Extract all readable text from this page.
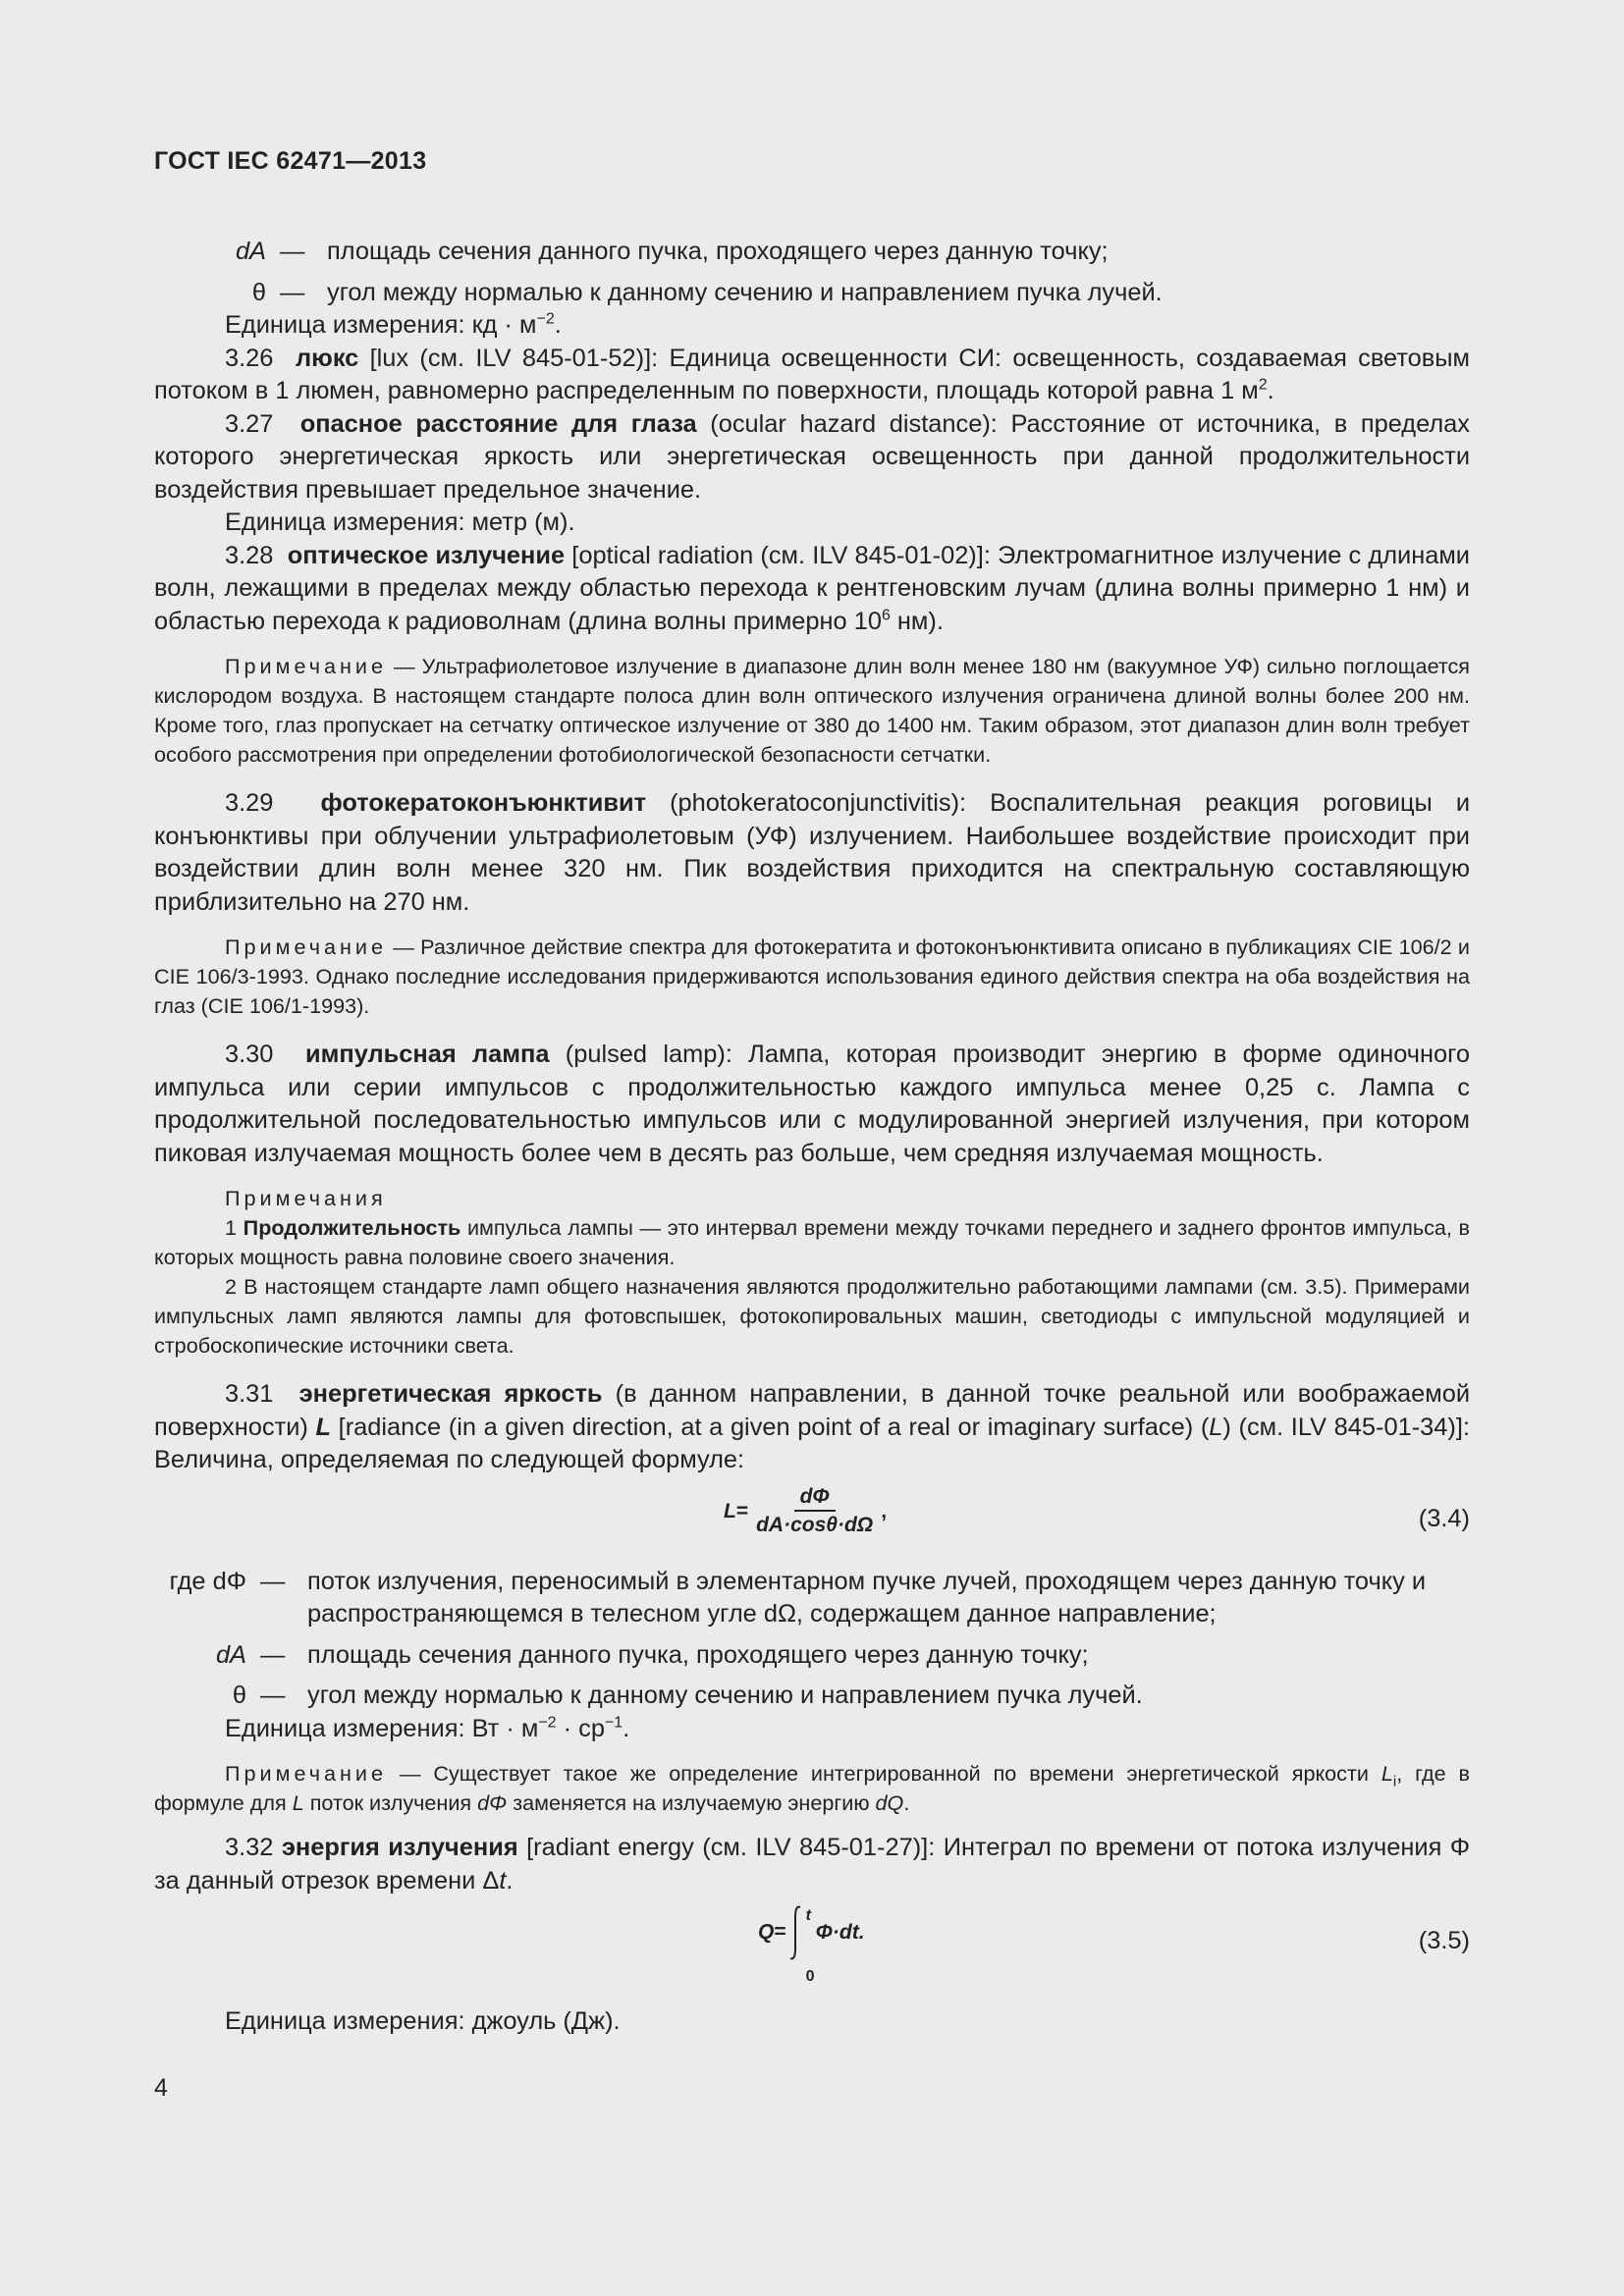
ГОСТ IEC 62471—2013
dA — площадь сечения данного пучка, проходящего через данную точку;
θ — угол между нормалью к данному сечению и направлением пучка лучей.

Единица измерения: кд · $м^{-2}$.

3.26 люкс [lux (см. ILV 845-01-52)]: Единица освещенности СИ: освещенность, создаваемая световым потоком в 1 люмен, равномерно распределенным по поверхности, площадь которой равна 1 $м^2$.

3.27 опасное расстояние для глаза (ocular hazard distance): Расстояние от источника, в пределах которого энергетическая яркость или энергетическая освещенность при данной продолжительности воздействия превышает предельное значение.

Единица измерения: метр (м).

3.28 оптическое излучение [optical radiation (см. ILV 845-01-02)]: Электромагнитное излучение с длинами волн, лежащими в пределах между областью перехода к рентгеновским лучам (длина волны примерно 1 нм) и областью перехода к радиоволнам (длина волны примерно $10^6$ нм).

Примечание — Ультрафиолетовое излучение в диапазоне длин волн менее 180 нм (вакуумное УФ) сильно поглощается кислородом воздуха. В настоящем стандарте полоса длин волн оптического излучения ограничена длиной волны более 200 нм. Кроме того, глаз пропускает на сетчатку оптическое излучение от 380 до 1400 нм. Таким образом, этот диапазон длин волн требует особого рассмотрения при определении фотобиологической безопасности сетчатки.

3.29 фотокератоконъюнктивит (photokeratoconjunctivitis): Воспалительная реакция роговицы и конъюнктивы при облучении ультрафиолетовым (УФ) излучением. Наибольшее воздействие происходит при воздействии длин волн менее 320 нм. Пик воздействия приходится на спектральную составляющую приблизительно на 270 нм.

Примечание — Различное действие спектра для фотокератита и фотоконъюнктивита описано в публикациях CIE 106/2 и CIE 106/3-1993. Однако последние исследования придерживаются использования единого действия спектра на оба воздействия на глаз (CIE 106/1-1993).

3.30 импульсная лампа (pulsed lamp): Лампа, которая производит энергию в форме одиночного импульса или серии импульсов с продолжительностью каждого импульса менее 0,25 с. Лампа с продолжительной последовательностью импульсов или с модулированной энергией излучения, при котором пиковая излучаемая мощность более чем в десять раз больше, чем средняя излучаемая мощность.

Примечания

1 Продолжительность импульса лампы — это интервал времени между точками переднего и заднего фронтов импульса, в которых мощность равна половине своего значения.

2 В настоящем стандарте ламп общего назначения являются продолжительно работающими лампами (см. 3.5). Примерами импульсных ламп являются лампы для фотовспышек, фотокопировальных машин, светодиоды с импульсной модуляцией и стробоскопические источники света.

3.31 энергетическая яркость (в данном направлении, в данной точке реальной или воображаемой поверхности) L [radiance (in a given direction, at a given point of a real or imaginary surface) (L) (см. ILV 845-01-34)]: Величина, определяемая по следующей формуле:

$L = \frac{d\Phi}{dA\cdot\cos\theta\cdot d\Omega}$ ,	(3.4)
где dΦ — поток излучения, переносимый в элементарном пучке лучей, проходящем через данную точку и распространяющемся в телесном угле dΩ, содержащем данное направление;
dA — площадь сечения данного пучка, проходящего через данную точку;
θ — угол между нормалью к данному сечению и направлением пучка лучей.

Единица измерения: Вт · $м^{-2} \cdot ср^{-1}$.

Примечание — Существует такое же определение интегрированной по времени энергетической яркости $L_i$, где в формуле для L поток излучения dΦ заменяется на излучаемую энергию dQ.

3.32 энергия излучения [radiant energy (см. ILV 845-01-27)]: Интеграл по времени от потока излучения Φ за данный отрезок времени Δt.

Q=
t
0
Φ·dt.	(3.5)

Единица измерения: джоуль (Дж).

4
